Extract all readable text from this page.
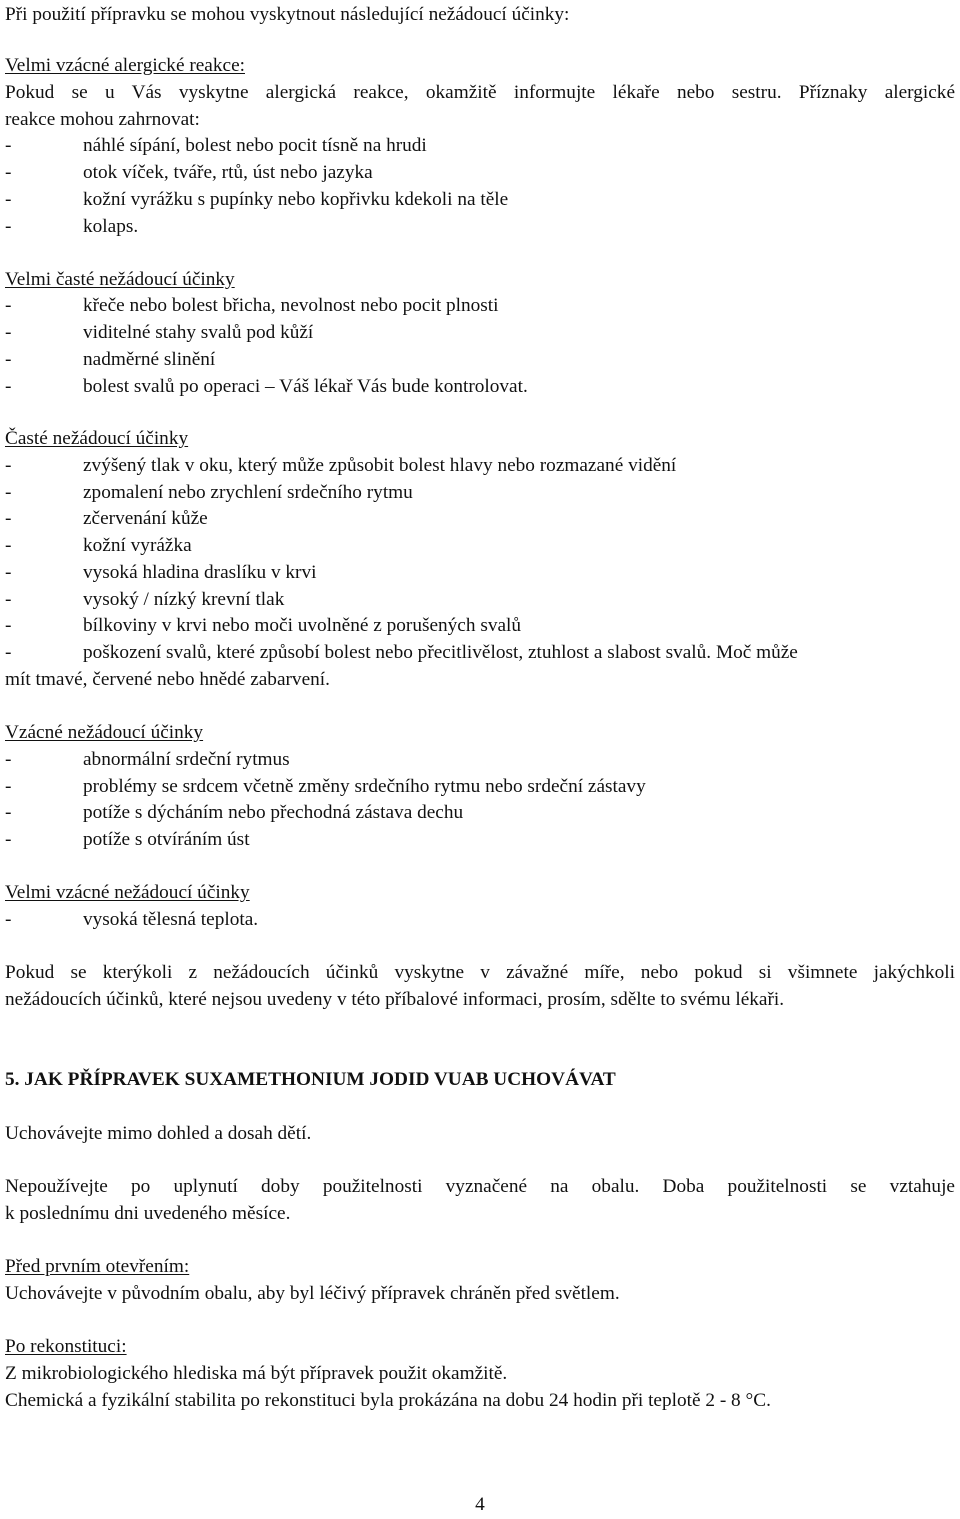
Při použití přípravku se mohou vyskytnout následující nežádoucí účinky:
Velmi vzácné alergické reakce:
Pokud se u Vás vyskytne alergická reakce, okamžitě informujte lékaře nebo sestru. Příznaky alergické
reakce mohou zahrnovat:
-	náhlé sípání, bolest nebo pocit tísně na hrudi
-	otok víček, tváře, rtů, úst nebo jazyka
-	kožní vyrážku s pupínky nebo kopřivku kdekoli na těle
-	kolaps.
Velmi časté nežádoucí účinky
-	křeče nebo bolest břicha, nevolnost nebo pocit plnosti
-	viditelné stahy svalů pod kůží
-	nadměrné slinění
-	bolest svalů po operaci – Váš lékař Vás bude kontrolovat.
Časté nežádoucí účinky
-	zvýšený tlak v oku, který může způsobit bolest hlavy nebo rozmazané vidění
-	zpomalení nebo zrychlení srdečního rytmu
-	zčervenání kůže
-	kožní vyrážka
-	vysoká hladina draslíku v krvi
-	vysoký / nízký krevní tlak
-	bílkoviny v krvi nebo moči uvolněné z porušených svalů
-	poškození svalů, které způsobí bolest nebo přecitlivělost, ztuhlost a slabost svalů. Moč může
mít tmavé, červené nebo hnědé zabarvení.
Vzácné nežádoucí účinky
-	abnormální srdeční rytmus
-	problémy se srdcem včetně změny srdečního rytmu nebo srdeční zástavy
-	potíže s dýcháním nebo přechodná zástava dechu
-	potíže s otvíráním úst
Velmi vzácné nežádoucí účinky
-	vysoká tělesná teplota.
Pokud se kterýkoli z nežádoucích účinků vyskytne v závažné míře, nebo pokud si všimnete jakýchkoli
nežádoucích účinků, které nejsou uvedeny v této příbalové informaci, prosím, sdělte to svému lékaři.
5. JAK PŘÍPRAVEK SUXAMETHONIUM JODID VUAB UCHOVÁVAT
Uchovávejte mimo dohled a dosah dětí.
Nepoužívejte po uplynutí doby použitelnosti vyznačené na obalu. Doba použitelnosti se vztahuje
k poslednímu dni uvedeného měsíce.
Před prvním otevřením:
Uchovávejte v původním obalu, aby byl léčivý přípravek chráněn před světlem.
Po rekonstituci:
Z mikrobiologického hlediska má být přípravek použit okamžitě.
Chemická a fyzikální stabilita po rekonstituci byla prokázána na dobu 24 hodin při teplotě 2 - 8 °C.
4
